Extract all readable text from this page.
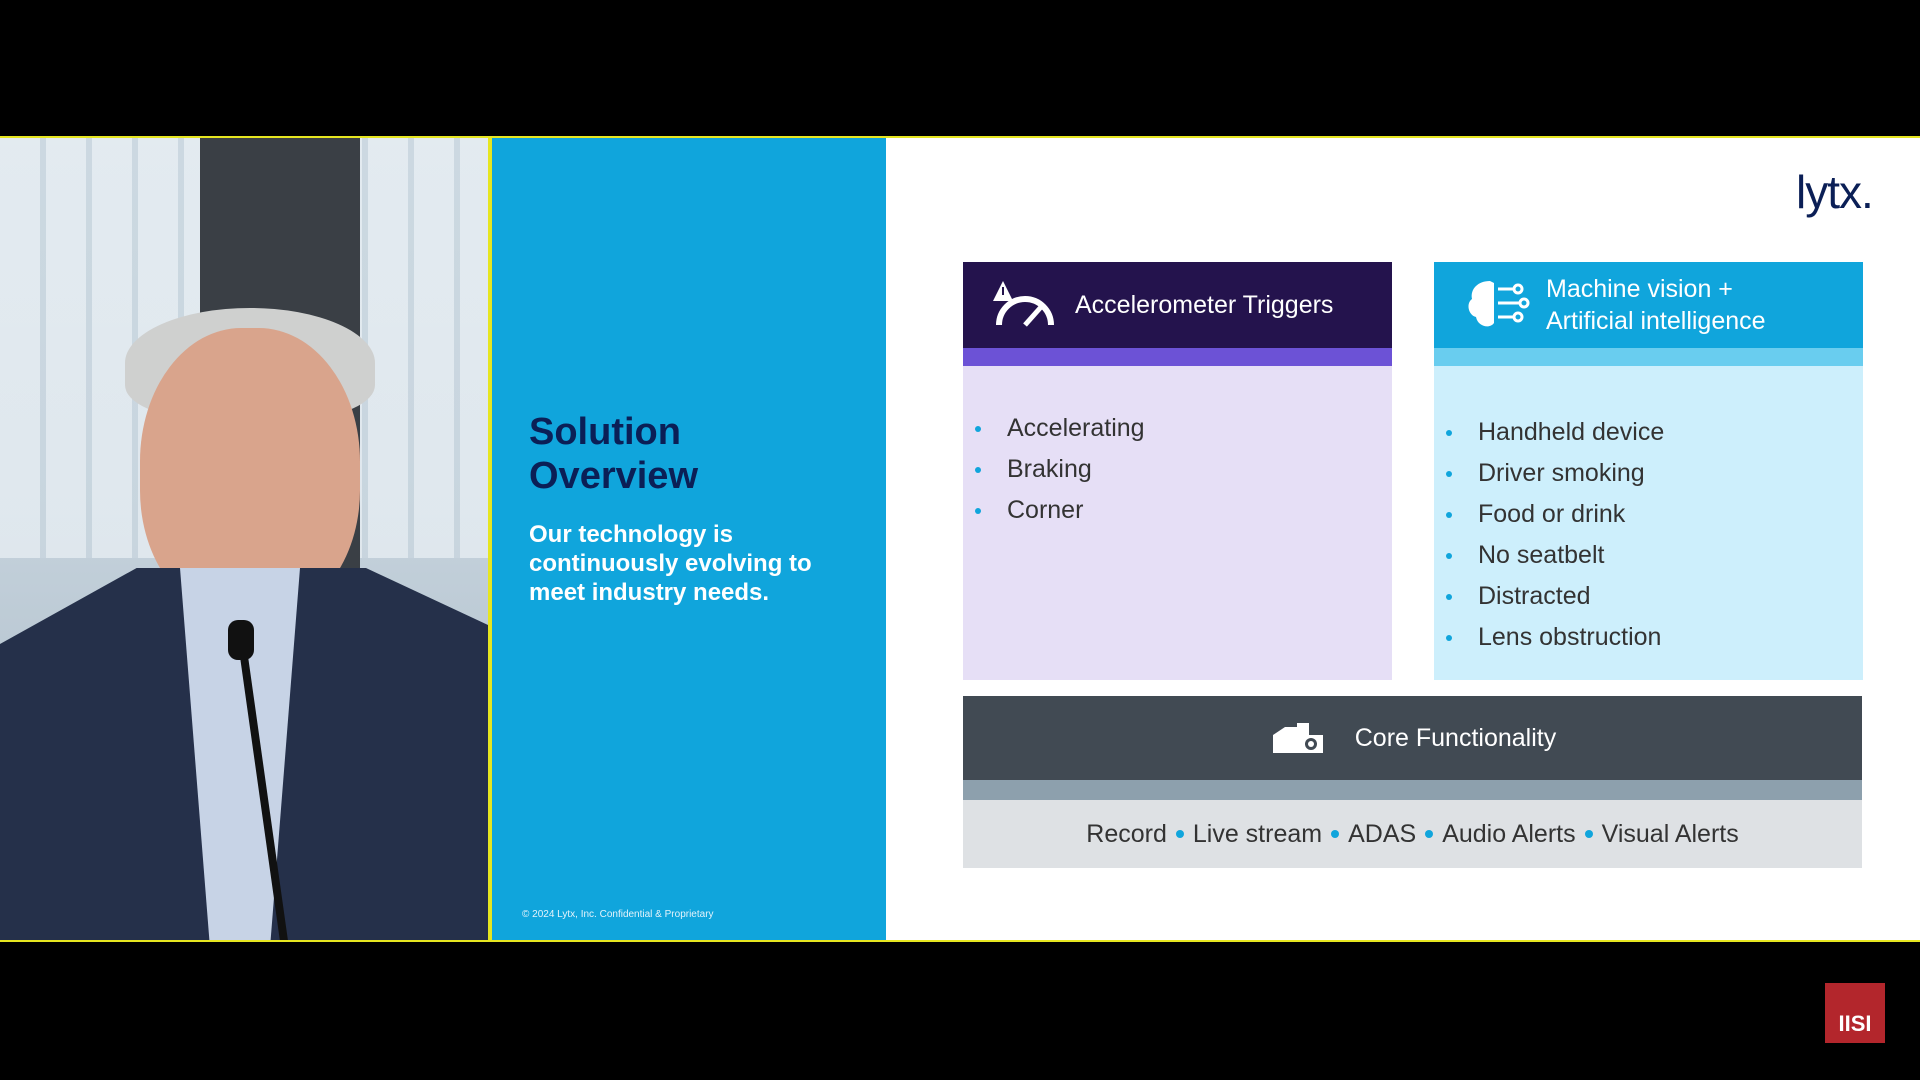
Solution Overview
Our technology is continuously evolving to meet industry needs.
© 2024 Lytx, Inc. Confidential & Proprietary
lytx.
Accelerometer Triggers
Accelerating
Braking
Corner
Machine vision +
Artificial intelligence
Handheld device
Driver smoking
Food or drink
No seatbelt
Distracted
Lens obstruction
Core Functionality
Record Live stream ADAS Audio Alerts Visual Alerts
IISI
